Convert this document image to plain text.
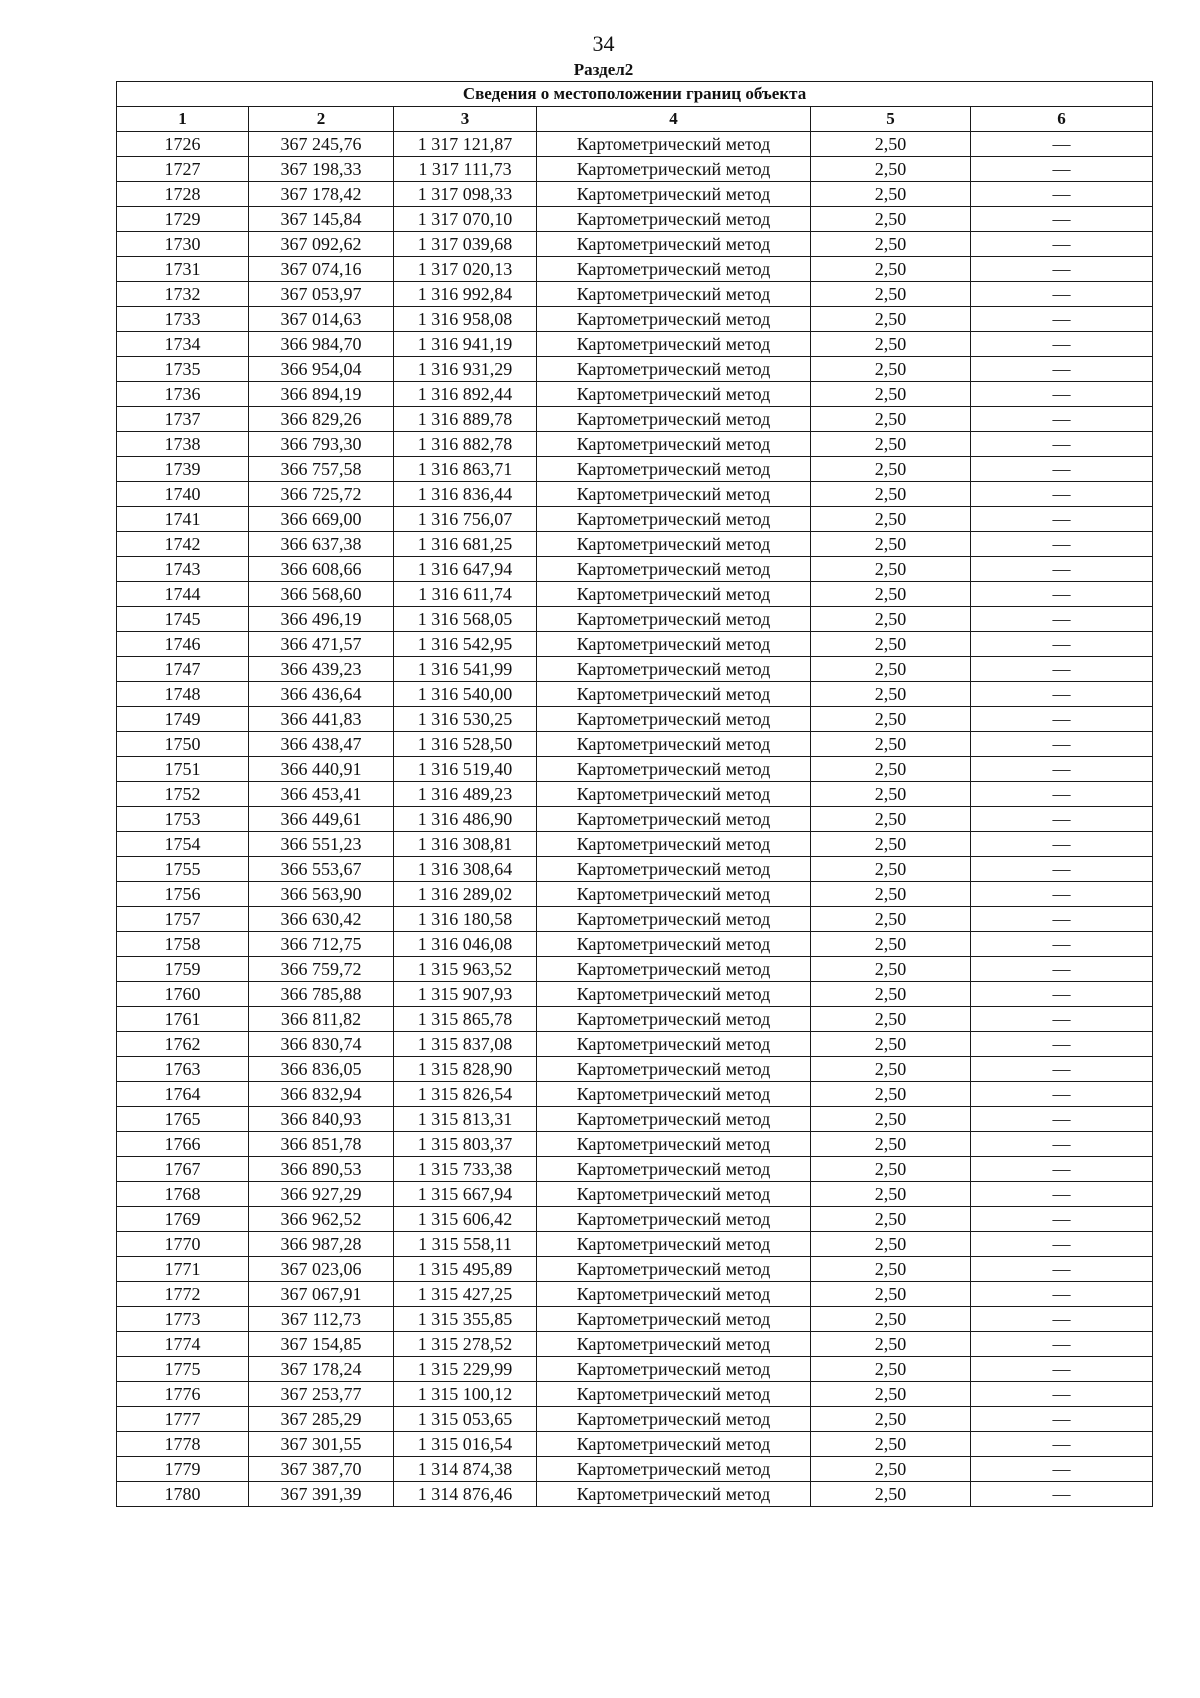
34
Раздел2
Сведения о местоположении границ объекта					
1	2	3	4	5	6
1726	367 245,76	1 317 121,87	Картометрический метод	2,50	—
1727	367 198,33	1 317 111,73	Картометрический метод	2,50	—
1728	367 178,42	1 317 098,33	Картометрический метод	2,50	—
1729	367 145,84	1 317 070,10	Картометрический метод	2,50	—
1730	367 092,62	1 317 039,68	Картометрический метод	2,50	—
1731	367 074,16	1 317 020,13	Картометрический метод	2,50	—
1732	367 053,97	1 316 992,84	Картометрический метод	2,50	—
1733	367 014,63	1 316 958,08	Картометрический метод	2,50	—
1734	366 984,70	1 316 941,19	Картометрический метод	2,50	—
1735	366 954,04	1 316 931,29	Картометрический метод	2,50	—
1736	366 894,19	1 316 892,44	Картометрический метод	2,50	—
1737	366 829,26	1 316 889,78	Картометрический метод	2,50	—
1738	366 793,30	1 316 882,78	Картометрический метод	2,50	—
1739	366 757,58	1 316 863,71	Картометрический метод	2,50	—
1740	366 725,72	1 316 836,44	Картометрический метод	2,50	—
1741	366 669,00	1 316 756,07	Картометрический метод	2,50	—
1742	366 637,38	1 316 681,25	Картометрический метод	2,50	—
1743	366 608,66	1 316 647,94	Картометрический метод	2,50	—
1744	366 568,60	1 316 611,74	Картометрический метод	2,50	—
1745	366 496,19	1 316 568,05	Картометрический метод	2,50	—
1746	366 471,57	1 316 542,95	Картометрический метод	2,50	—
1747	366 439,23	1 316 541,99	Картометрический метод	2,50	—
1748	366 436,64	1 316 540,00	Картометрический метод	2,50	—
1749	366 441,83	1 316 530,25	Картометрический метод	2,50	—
1750	366 438,47	1 316 528,50	Картометрический метод	2,50	—
1751	366 440,91	1 316 519,40	Картометрический метод	2,50	—
1752	366 453,41	1 316 489,23	Картометрический метод	2,50	—
1753	366 449,61	1 316 486,90	Картометрический метод	2,50	—
1754	366 551,23	1 316 308,81	Картометрический метод	2,50	—
1755	366 553,67	1 316 308,64	Картометрический метод	2,50	—
1756	366 563,90	1 316 289,02	Картометрический метод	2,50	—
1757	366 630,42	1 316 180,58	Картометрический метод	2,50	—
1758	366 712,75	1 316 046,08	Картометрический метод	2,50	—
1759	366 759,72	1 315 963,52	Картометрический метод	2,50	—
1760	366 785,88	1 315 907,93	Картометрический метод	2,50	—
1761	366 811,82	1 315 865,78	Картометрический метод	2,50	—
1762	366 830,74	1 315 837,08	Картометрический метод	2,50	—
1763	366 836,05	1 315 828,90	Картометрический метод	2,50	—
1764	366 832,94	1 315 826,54	Картометрический метод	2,50	—
1765	366 840,93	1 315 813,31	Картометрический метод	2,50	—
1766	366 851,78	1 315 803,37	Картометрический метод	2,50	—
1767	366 890,53	1 315 733,38	Картометрический метод	2,50	—
1768	366 927,29	1 315 667,94	Картометрический метод	2,50	—
1769	366 962,52	1 315 606,42	Картометрический метод	2,50	—
1770	366 987,28	1 315 558,11	Картометрический метод	2,50	—
1771	367 023,06	1 315 495,89	Картометрический метод	2,50	—
1772	367 067,91	1 315 427,25	Картометрический метод	2,50	—
1773	367 112,73	1 315 355,85	Картометрический метод	2,50	—
1774	367 154,85	1 315 278,52	Картометрический метод	2,50	—
1775	367 178,24	1 315 229,99	Картометрический метод	2,50	—
1776	367 253,77	1 315 100,12	Картометрический метод	2,50	—
1777	367 285,29	1 315 053,65	Картометрический метод	2,50	—
1778	367 301,55	1 315 016,54	Картометрический метод	2,50	—
1779	367 387,70	1 314 874,38	Картометрический метод	2,50	—
1780	367 391,39	1 314 876,46	Картометрический метод	2,50	—
